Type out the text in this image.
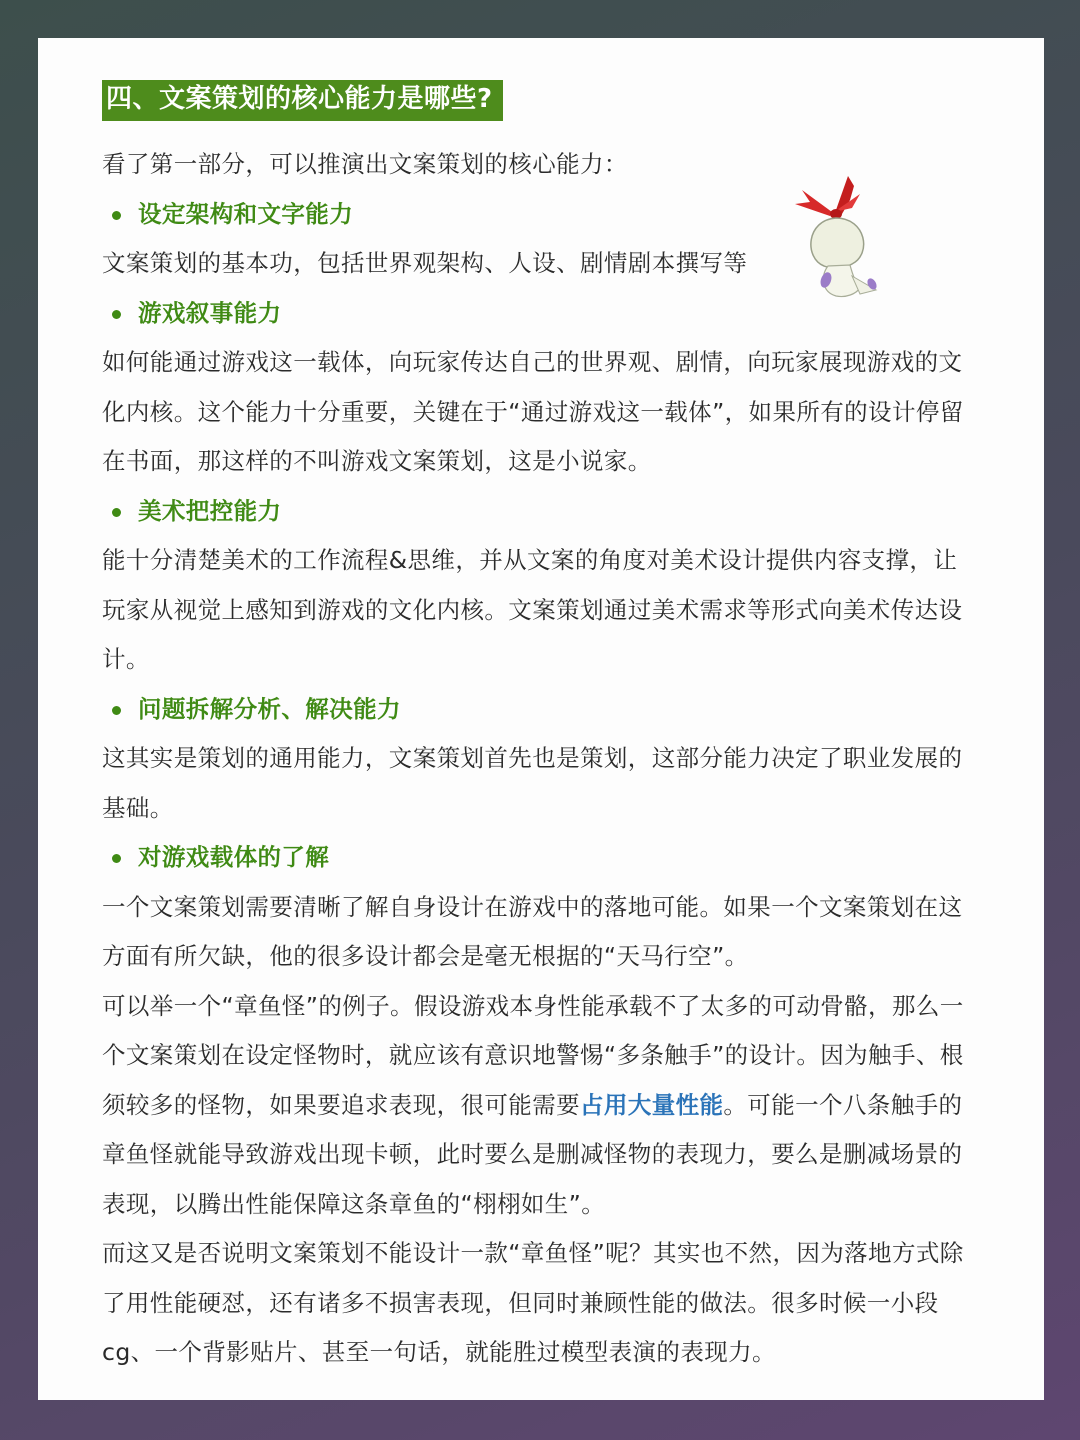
四、文案策划的核心能力是哪些?

看了第一部分，可以推演出文案策划的核心能力：

设定架构和文字能力

文案策划的基本功，包括世界观架构、人设、剧情剧本撰写等

游戏叙事能力

如何能通过游戏这一载体，向玩家传达自己的世界观、剧情，向玩家展现游戏的文化内核。这个能力十分重要，关键在于“通过游戏这一载体”，如果所有的设计停留在书面，那这样的不叫游戏文案策划，这是小说家。

美术把控能力

能十分清楚美术的工作流程&思维，并从文案的角度对美术设计提供内容支撑，让玩家从视觉上感知到游戏的文化内核。文案策划通过美术需求等形式向美术传达设计。

问题拆解分析、解决能力

这其实是策划的通用能力，文案策划首先也是策划，这部分能力决定了职业发展的基础。

对游戏载体的了解

一个文案策划需要清晰了解自身设计在游戏中的落地可能。如果一个文案策划在这方面有所欠缺，他的很多设计都会是毫无根据的“天马行空”。

可以举一个“章鱼怪”的例子。假设游戏本身性能承载不了太多的可动骨骼，那么一个文案策划在设定怪物时，就应该有意识地警惕“多条触手”的设计。因为触手、根须较多的怪物，如果要追求表现，很可能需要占用大量性能。可能一个八条触手的章鱼怪就能导致游戏出现卡顿，此时要么是删减怪物的表现力，要么是删减场景的表现，以腾出性能保障这条章鱼的“栩栩如生”。

而这又是否说明文案策划不能设计一款“章鱼怪”呢？其实也不然，因为落地方式除了用性能硬怼，还有诸多不损害表现，但同时兼顾性能的做法。很多时候一小段cg、一个背影贴片、甚至一句话，就能胜过模型表演的表现力。
